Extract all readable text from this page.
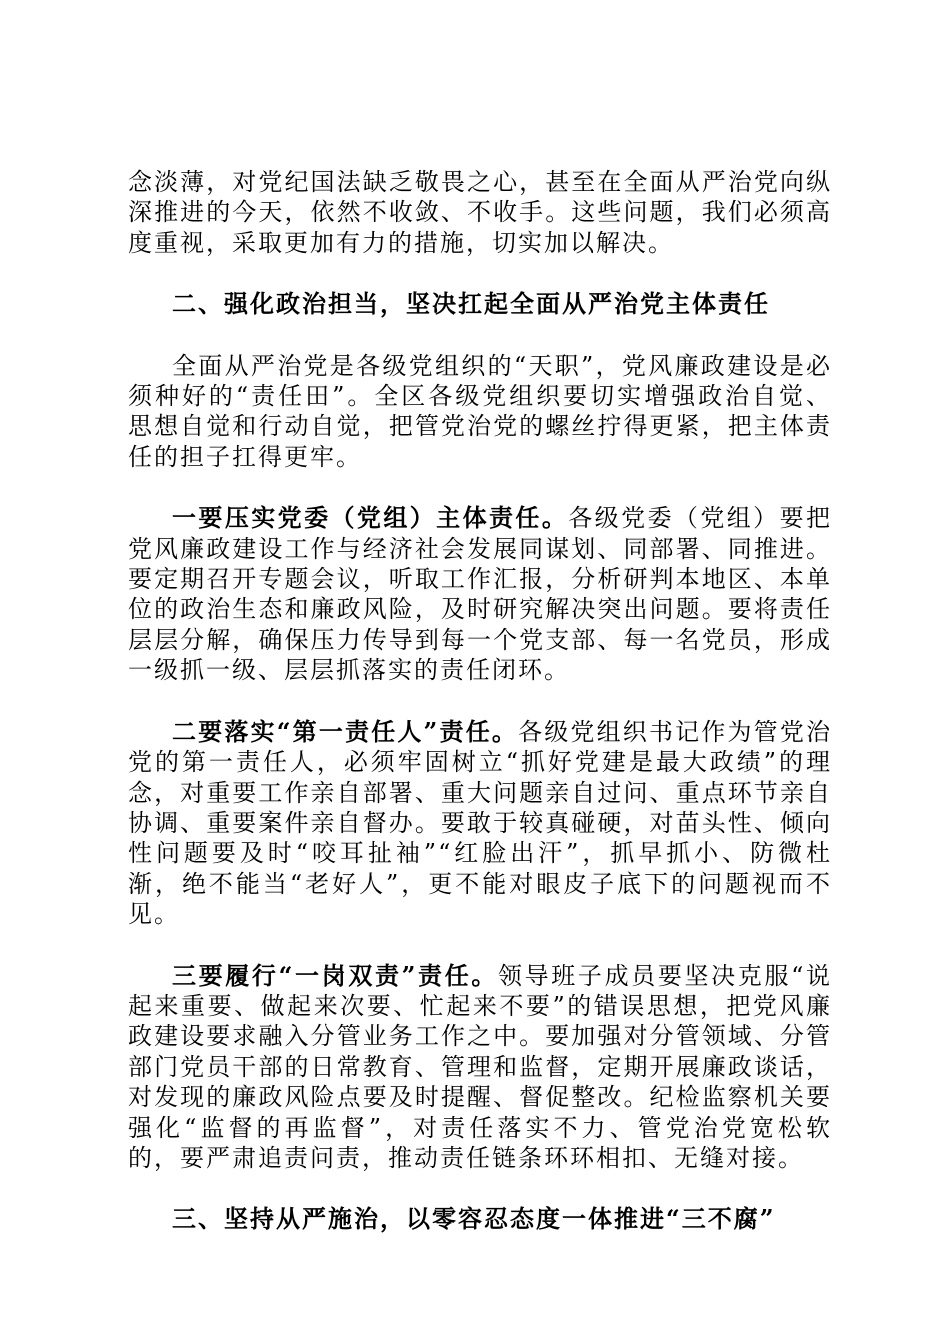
念淡薄，对党纪国法缺乏敬畏之心，甚至在全面从严治党向纵深推进的今天，依然不收敛、不收手。这些问题，我们必须高度重视，采取更加有力的措施，切实加以解决。

二、强化政治担当，坚决扛起全面从严治党主体责任

全面从严治党是各级党组织的“天职”，党风廉政建设是必须种好的“责任田”。全区各级党组织要切实增强政治自觉、思想自觉和行动自觉，把管党治党的螺丝拧得更紧，把主体责任的担子扛得更牢。

一要压实党委（党组）主体责任。各级党委（党组）要把党风廉政建设工作与经济社会发展同谋划、同部署、同推进。要定期召开专题会议，听取工作汇报，分析研判本地区、本单位的政治生态和廉政风险，及时研究解决突出问题。要将责任层层分解，确保压力传导到每一个党支部、每一名党员，形成一级抓一级、层层抓落实的责任闭环。

二要落实“第一责任人”责任。各级党组织书记作为管党治党的第一责任人，必须牢固树立“抓好党建是最大政绩”的理念，对重要工作亲自部署、重大问题亲自过问、重点环节亲自协调、重要案件亲自督办。要敢于较真碰硬，对苗头性、倾向性问题要及时“咬耳扯袖”“红脸出汗”，抓早抓小、防微杜渐，绝不能当“老好人”，更不能对眼皮子底下的问题视而不见。

三要履行“一岗双责”责任。领导班子成员要坚决克服“说起来重要、做起来次要、忙起来不要”的错误思想，把党风廉政建设要求融入分管业务工作之中。要加强对分管领域、分管部门党员干部的日常教育、管理和监督，定期开展廉政谈话，对发现的廉政风险点要及时提醒、督促整改。纪检监察机关要强化“监督的再监督”，对责任落实不力、管党治党宽松软的，要严肃追责问责，推动责任链条环环相扣、无缝对接。

三、坚持从严施治，以零容忍态度一体推进“三不腐”
